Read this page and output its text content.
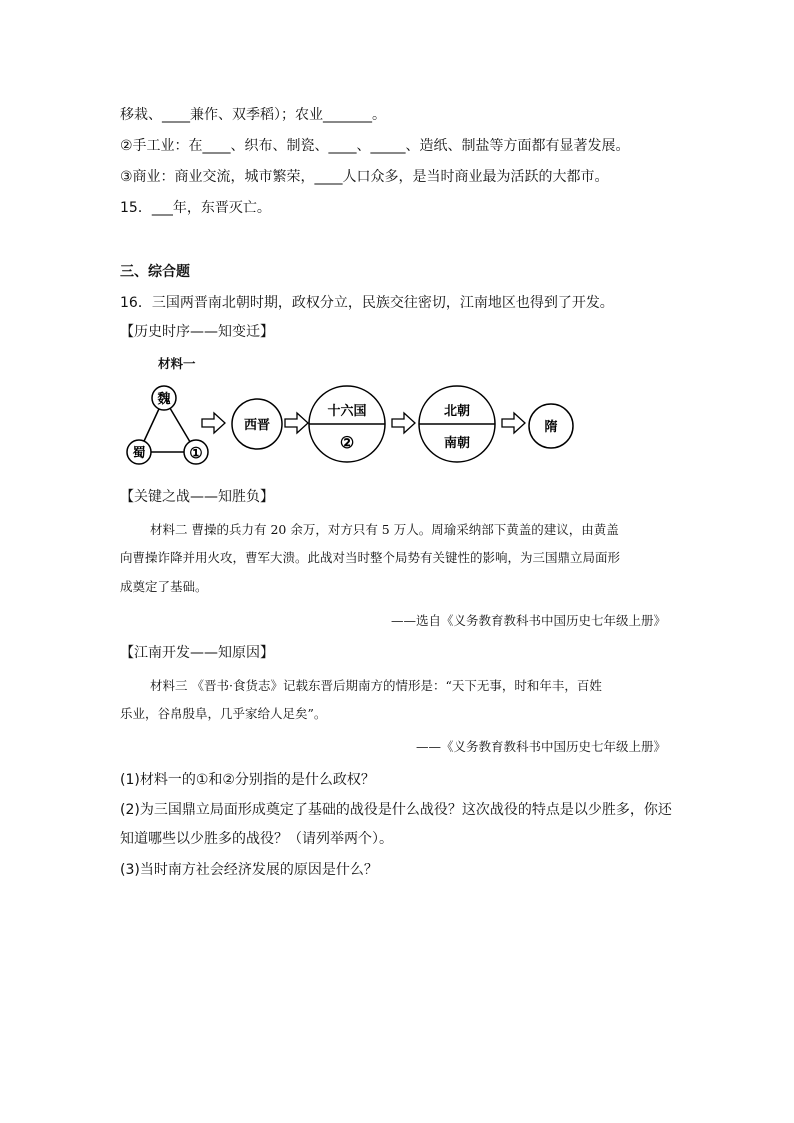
移栽、____兼作、双季稻）；农业_______。
②手工业：在____、织布、制瓷、____、_____、造纸、制盐等方面都有显著发展。
③商业：商业交流，城市繁荣，____人口众多，是当时商业最为活跃的大都市。
15．___年，东晋灭亡。
三、综合题
16．三国两晋南北朝时期，政权分立，民族交往密切，江南地区也得到了开发。
【历史时序——知变迁】
材料一
魏
蜀	①
西晋
十六国
②
北朝
南朝
隋
【关键之战——知胜负】
材料二 曹操的兵力有 20 余万，对方只有 5 万人。周瑜采纳部下黄盖的建议，由黄盖
向曹操诈降并用火攻，曹军大溃。此战对当时整个局势有关键性的影响，为三国鼎立局面形
成奠定了基础。
——选自《义务教育教科书中国历史七年级上册》
【江南开发——知原因】
材料三 《晋书·食货志》记载东晋后期南方的情形是：“天下无事，时和年丰，百姓
乐业，谷帛殷阜，几乎家给人足矣”。
——《义务教育教科书中国历史七年级上册》
(1)材料一的①和②分别指的是什么政权？
(2)为三国鼎立局面形成奠定了基础的战役是什么战役？这次战役的特点是以少胜多，你还
知道哪些以少胜多的战役？（请列举两个）。
(3)当时南方社会经济发展的原因是什么？
